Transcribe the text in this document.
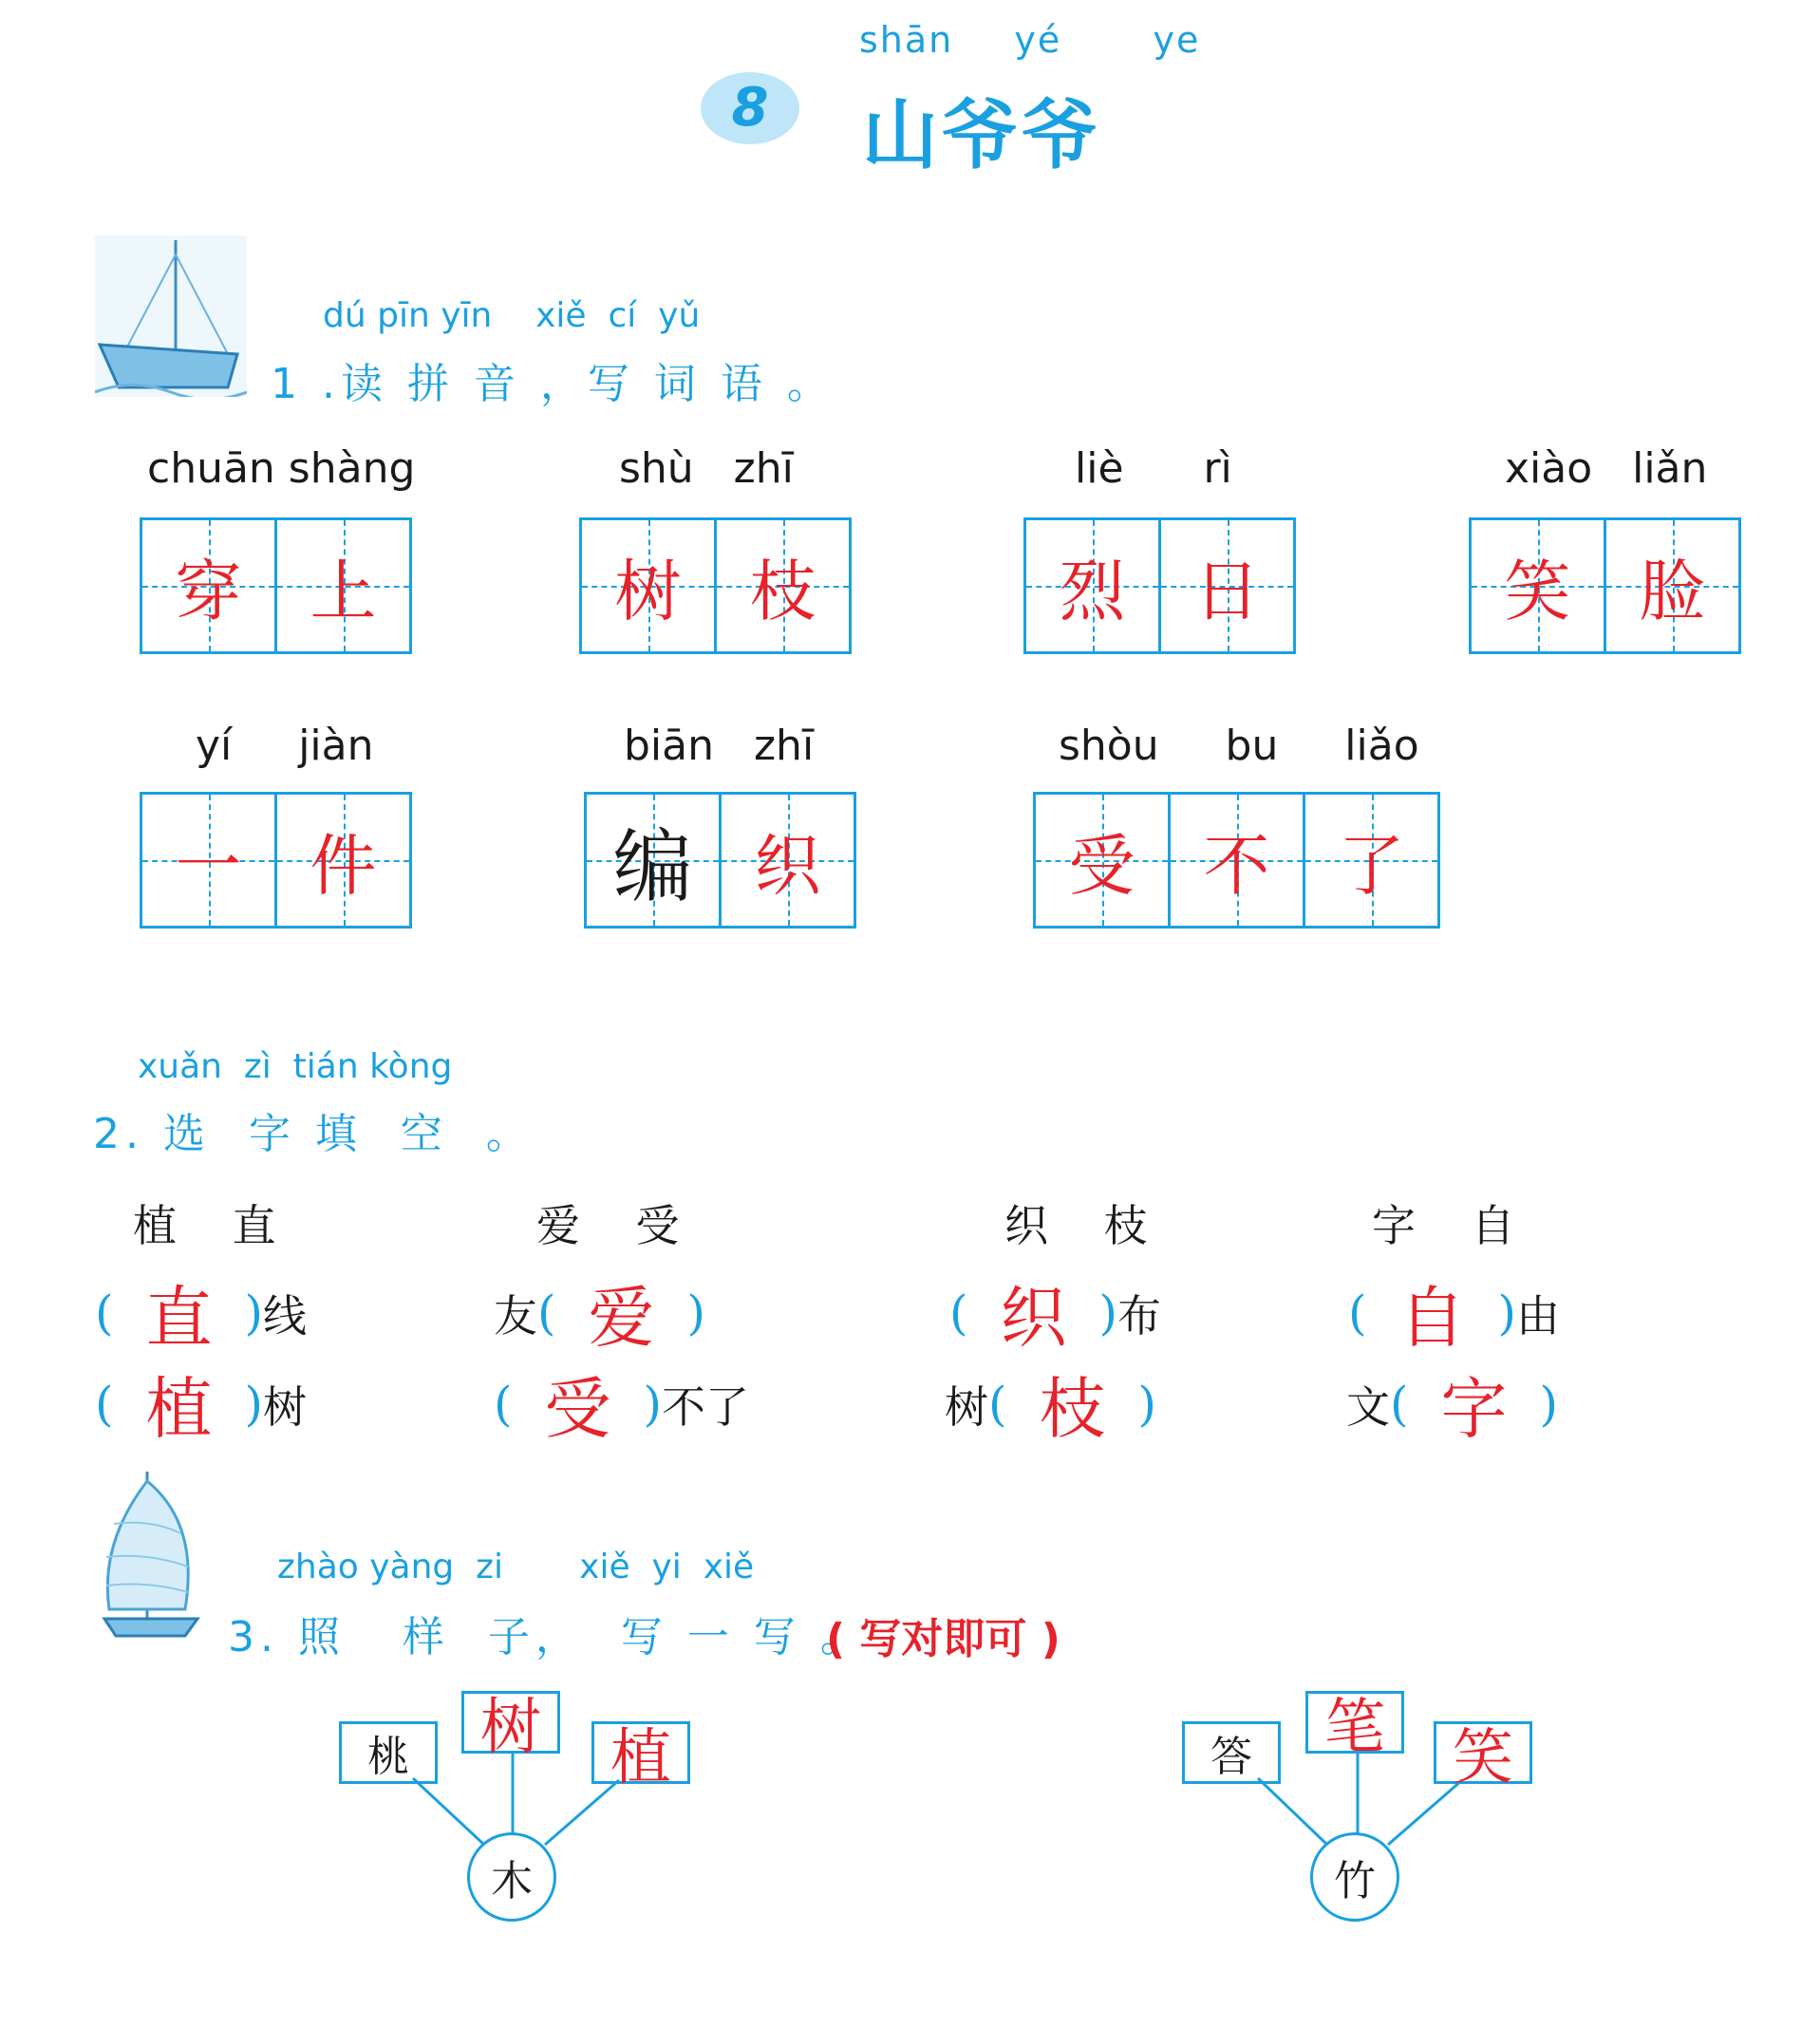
8
shān  yé   ye
山爷爷
dú pīn yīn    xiě  cí  yǔ
1 .读 拼 音 ，写 词 语 。
chuān shàng
穿 上
shù   zhī
树 枝
liè      rì
烈 日
xiào   liǎn
笑 脸
yí     jiàn
一 件
biān   zhī
编 织
shòu     bu     liǎo
受 不 了
xuǎn  zì  tián kòng
2. 选  字 填  空  。
植    直	爱    受	织    枝	字    自
( 直 ) 线
( 植 ) 树
友 ( 爱 )
( 受 ) 不了
( 织 ) 布
树 ( 枝 )
( 自 ) 由
文 ( 字 )
zhào yàng  zi       xiě  yi  xiě
3. 照   样  子，  写 一 写 。
( 写对即可 )
桃	树	植
木
答	笔	笑
竹
